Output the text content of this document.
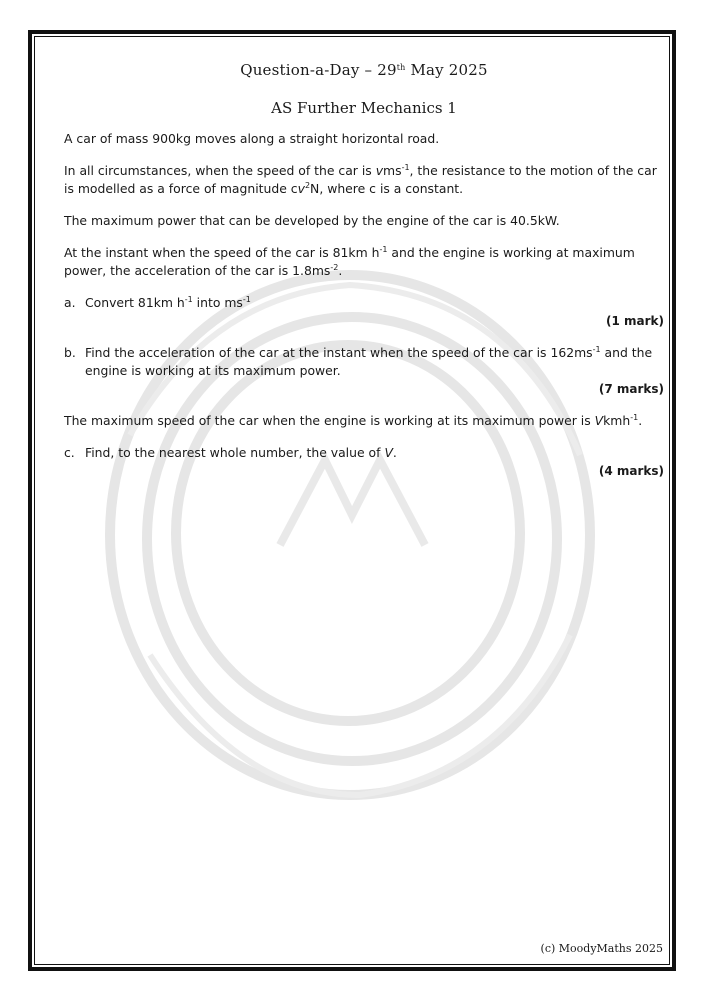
Question-a-Day – 29th May 2025
AS Further Mechanics 1

A car of mass 900kg moves along a straight horizontal road.

In all circumstances, when the speed of the car is vms$^{-1}$, the resistance to the motion of the car is modelled as a force of magnitude $cv^2N$, where c is a constant.

The maximum power that can be developed by the engine of the car is 40.5kW.

At the instant when the speed of the car is 81km $h^{-1}$ and the engine is working at maximum power, the acceleration of the car is $1.8ms^{-2}$.

a. Convert 81km $h^{-1}$ into $ms^{-1}$
(1 mark)
b. Find the acceleration of the car at the instant when the speed of the car is $162ms^{-1}$ and the engine is working at its maximum power.
(7 marks)

The maximum speed of the car when the engine is working at its maximum power is Vkmh$^{-1}$.

c. Find, to the nearest whole number, the value of V.
(4 marks)
(c) MoodyMaths 2025
